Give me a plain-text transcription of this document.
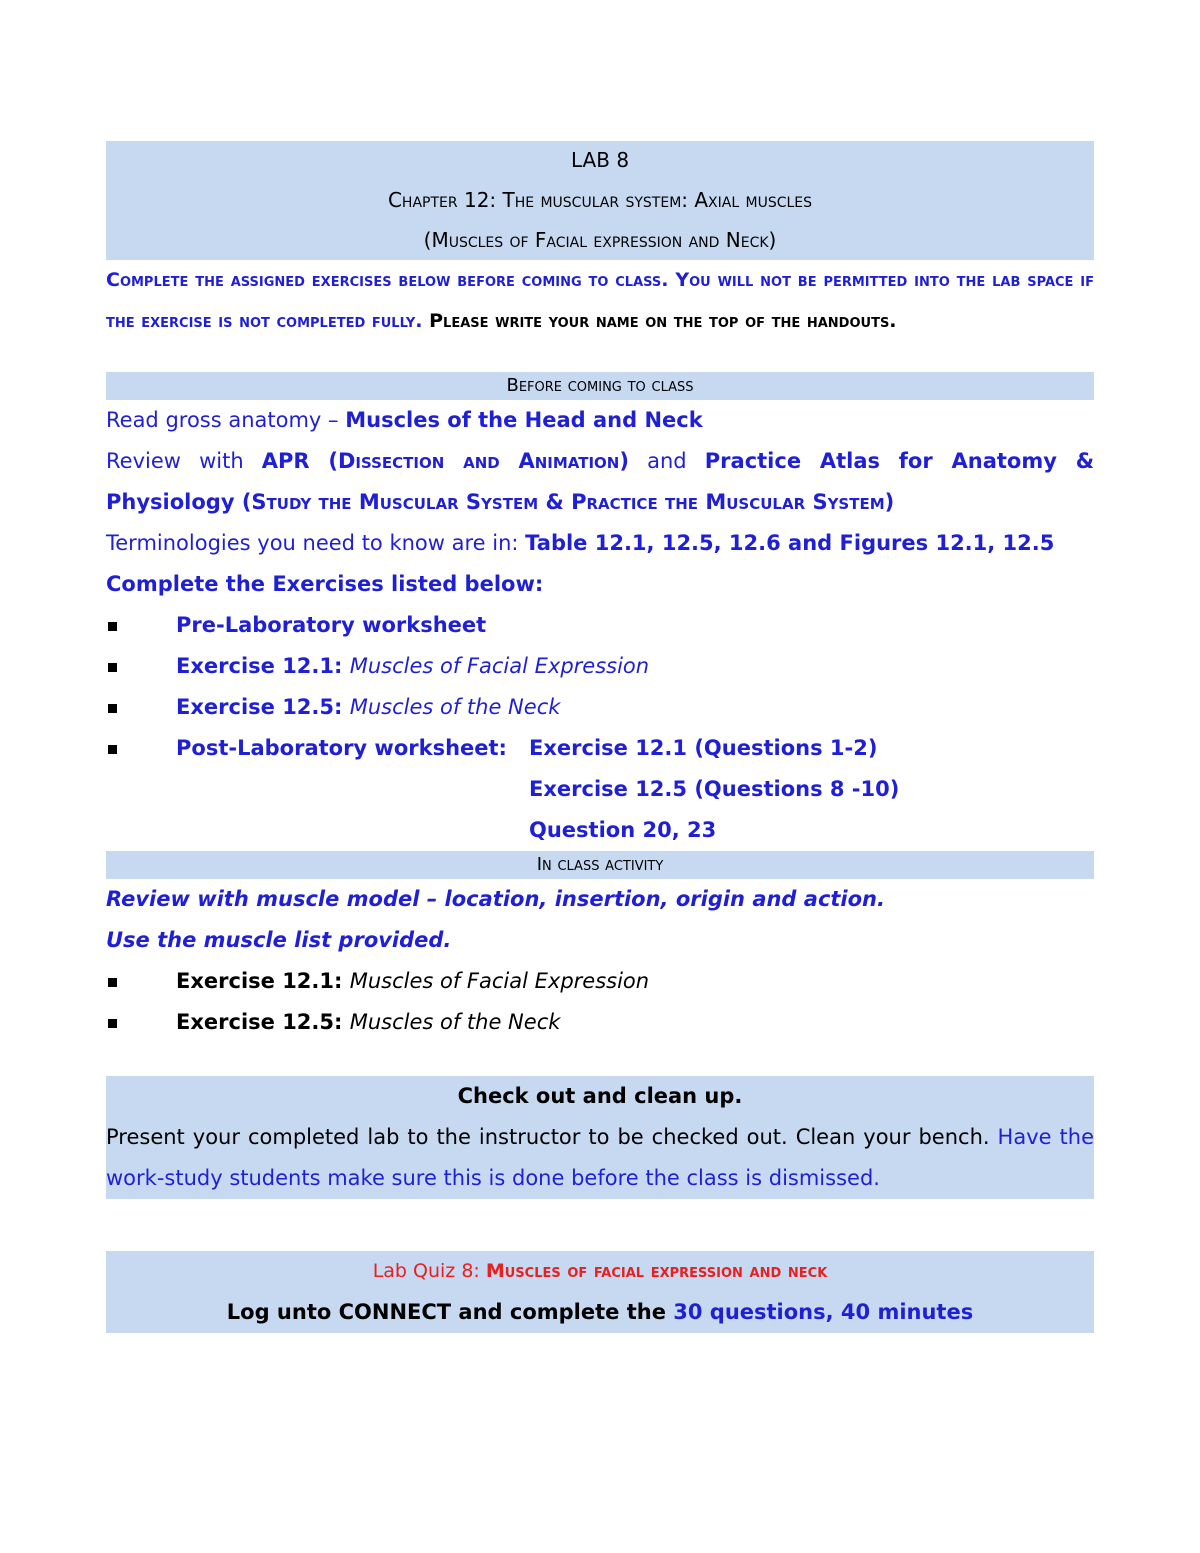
LAB 8
Chapter 12: The muscular system: Axial muscles
(Muscles of Facial expression and Neck)
Complete the assigned exercises below before coming to class. You will not be permitted into the lab space if the exercise is not completed fully. Please write your name on the top of the handouts.
Before coming to class

Read gross anatomy – Muscles of the Head and Neck

Review with APR (Dissection and Animation) and Practice Atlas for Anatomy & Physiology (Study the Muscular System & Practice the Muscular System)

Terminologies you need to know are in: Table 12.1, 12.5, 12.6 and Figures 12.1, 12.5

Complete the Exercises listed below:

Pre-Laboratory worksheet
Exercise 12.1: Muscles of Facial Expression
Exercise 12.5: Muscles of the Neck
Post-Laboratory worksheet:	Exercise 12.1 (Questions 1-2)
Exercise 12.5 (Questions 8 -10)
Question 20, 23
In class activity

Review with muscle model – location, insertion, origin and action.

Use the muscle list provided.

Exercise 12.1: Muscles of Facial Expression
Exercise 12.5: Muscles of the Neck

Check out and clean up.

Present your completed lab to the instructor to be checked out. Clean your bench. Have the work-study students make sure this is done before the class is dismissed.

Lab Quiz 8: Muscles of facial expression and neck

Log unto CONNECT and complete the 30 questions, 40 minutes
